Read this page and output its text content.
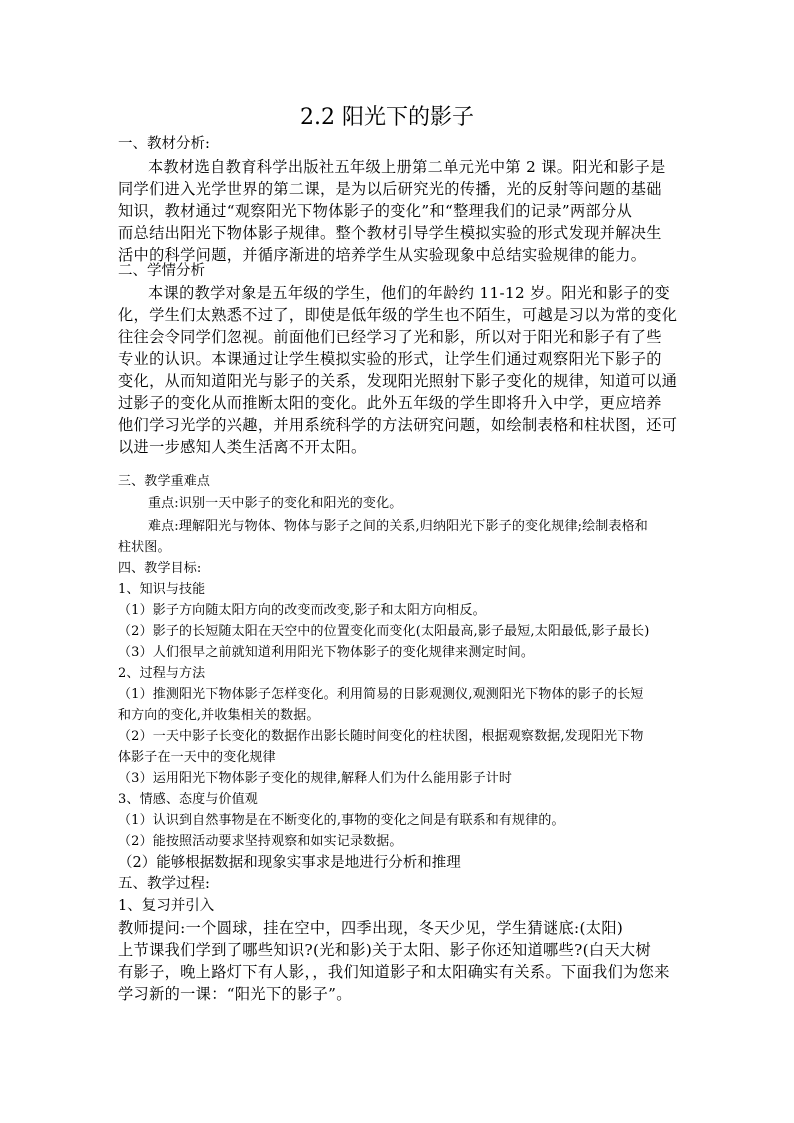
2.2 阳光下的影子
一、教材分析:
本教材选自教育科学出版社五年级上册第二单元光中第 2 课。阳光和影子是
同学们进入光学世界的第二课，是为以后研究光的传播，光的反射等问题的基础
知识，教材通过“观察阳光下物体影子的变化”和“整理我们的记录”两部分从
而总结出阳光下物体影子规律。整个教材引导学生模拟实验的形式发现并解决生
活中的科学问题，并循序渐进的培养学生从实验现象中总结实验规律的能力。
二、学情分析
本课的教学对象是五年级的学生，他们的年龄约 11-12 岁。阳光和影子的变
化，学生们太熟悉不过了，即使是低年级的学生也不陌生，可越是习以为常的变化
往往会令同学们忽视。前面他们已经学习了光和影，所以对于阳光和影子有了些
专业的认识。本课通过让学生模拟实验的形式，让学生们通过观察阳光下影子的
变化，从而知道阳光与影子的关系，发现阳光照射下影子变化的规律，知道可以通
过影子的变化从而推断太阳的变化。此外五年级的学生即将升入中学，更应培养
他们学习光学的兴趣，并用系统科学的方法研究问题，如绘制表格和柱状图，还可
以进一步感知人类生活离不开太阳。
三、教学重难点
重点:识别一天中影子的变化和阳光的变化。
难点:理解阳光与物体、物体与影子之间的关系,归纳阳光下影子的变化规律;绘制表格和
柱状图。
四、教学目标:
1、知识与技能
（1）影子方向随太阳方向的改变而改变,影子和太阳方向相反。
（2）影子的长短随太阳在天空中的位置变化而变化(太阳最高,影子最短,太阳最低,影子最长)
（3）人们很早之前就知道利用阳光下物体影子的变化规律来测定时间。
2、过程与方法
（1）推测阳光下物体影子怎样变化。利用简易的日影观测仪,观测阳光下物体的影子的长短
和方向的变化,并收集相关的数据。
（2）一天中影子长变化的数据作出影长随时间变化的柱状图，根据观察数据,发现阳光下物
体影子在一天中的变化规律
（3）运用阳光下物体影子变化的规律,解释人们为什么能用影子计时
3、情感、态度与价值观
（1）认识到自然事物是在不断变化的,事物的变化之间是有联系和有规律的。
（2）能按照活动要求坚持观察和如实记录数据。
（2）能够根据数据和现象实事求是地进行分析和推理
五、教学过程:
1、复习并引入
教师提问:一个圆球，挂在空中，四季出现，冬天少见，学生猜谜底:(太阳)
上节课我们学到了哪些知识?(光和影)关于太阳、影子你还知道哪些?(白天大树
有影子，晚上路灯下有人影，，我们知道影子和太阳确实有关系。下面我们为您来
学习新的一课：“阳光下的影子”。
